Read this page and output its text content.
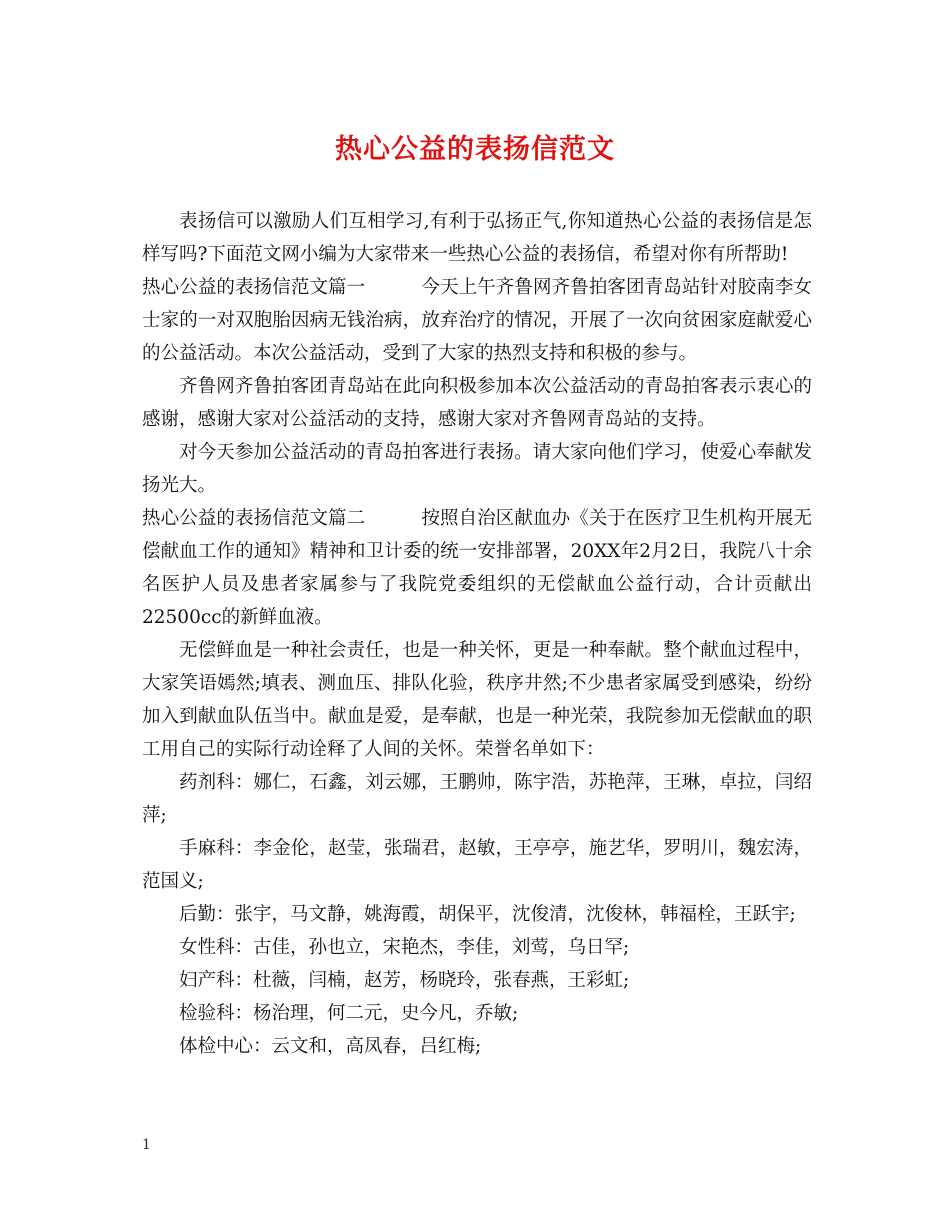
热心公益的表扬信范文

表扬信可以激励人们互相学习,有利于弘扬正气,你知道热心公益的表扬信是怎样写吗?下面范文网小编为大家带来一些热心公益的表扬信，希望对你有所帮助!

热心公益的表扬信范文篇一	今天上午齐鲁网齐鲁拍客团青岛站针对胶南李女士家的一对双胞胎因病无钱治病，放弃治疗的情况，开展了一次向贫困家庭献爱心的公益活动。本次公益活动，受到了大家的热烈支持和积极的参与。

齐鲁网齐鲁拍客团青岛站在此向积极参加本次公益活动的青岛拍客表示衷心的感谢，感谢大家对公益活动的支持，感谢大家对齐鲁网青岛站的支持。

对今天参加公益活动的青岛拍客进行表扬。请大家向他们学习，使爱心奉献发扬光大。

热心公益的表扬信范文篇二	按照自治区献血办《关于在医疗卫生机构开展无偿献血工作的通知》精神和卫计委的统一安排部署，20XX年2月2日，我院八十余名医护人员及患者家属参与了我院党委组织的无偿献血公益行动，合计贡献出22500cc的新鲜血液。

无偿鲜血是一种社会责任，也是一种关怀，更是一种奉献。整个献血过程中，大家笑语嫣然;填表、测血压、排队化验，秩序井然;不少患者家属受到感染，纷纷加入到献血队伍当中。献血是爱，是奉献，也是一种光荣，我院参加无偿献血的职工用自己的实际行动诠释了人间的关怀。荣誉名单如下：

药剂科：娜仁，石鑫，刘云娜，王鹏帅，陈宇浩，苏艳萍，王琳，卓拉，闫绍萍;

手麻科：李金伦，赵莹，张瑞君，赵敏，王亭亭，施艺华，罗明川，魏宏涛，范国义;

后勤：张宇，马文静，姚海霞，胡保平，沈俊清，沈俊林，韩福栓，王跃宇;

女性科：古佳，孙也立，宋艳杰，李佳，刘莺，乌日罕;

妇产科：杜薇，闫楠，赵芳，杨晓玲，张春燕，王彩虹;

检验科：杨治理，何二元，史今凡，乔敏;

体检中心：云文和，高凤春，吕红梅;

1
